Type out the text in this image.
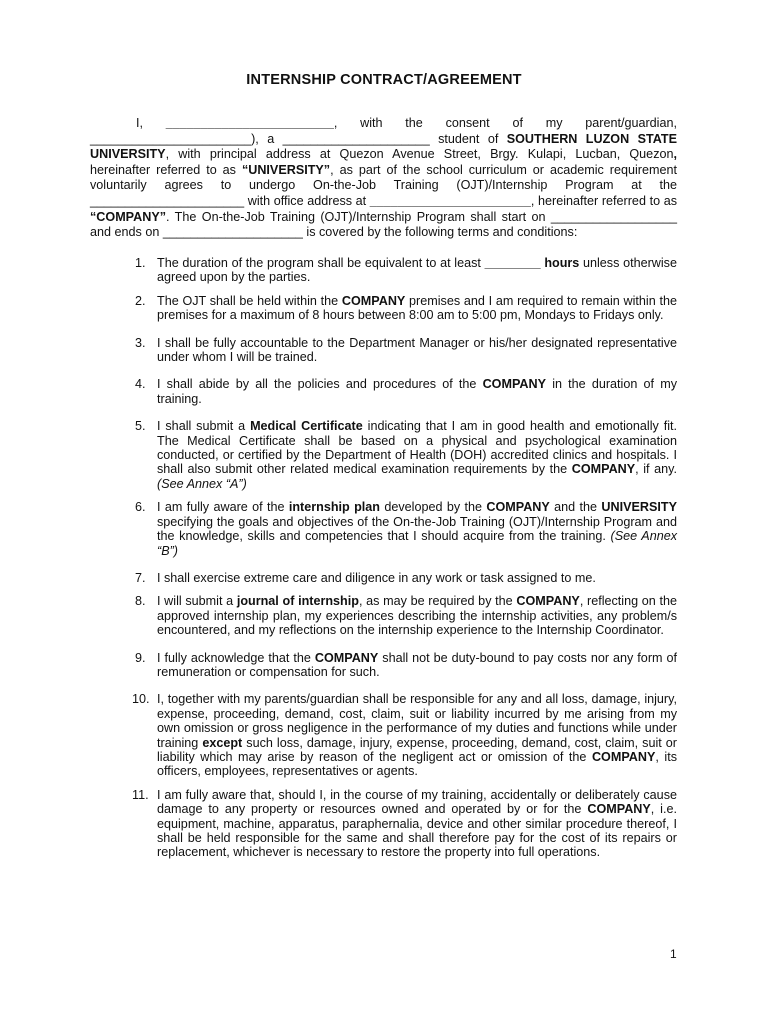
INTERNSHIP CONTRACT/AGREEMENT
I, ________________________, with the consent of my parent/guardian, _______________________), a _____________________ student of SOUTHERN LUZON STATE UNIVERSITY, with principal address at Quezon Avenue Street, Brgy. Kulapi, Lucban, Quezon, hereinafter referred to as “UNIVERSITY”, as part of the school curriculum or academic requirement voluntarily agrees to undergo On-the-Job Training (OJT)/Internship Program at the ______________________ with office address at _______________________, hereinafter referred to as “COMPANY”. The On-the-Job Training (OJT)/Internship Program shall start on __________________ and ends on ____________________ is covered by the following terms and conditions:
1. The duration of the program shall be equivalent to at least ________ hours unless otherwise agreed upon by the parties.
2. The OJT shall be held within the COMPANY premises and I am required to remain within the premises for a maximum of 8 hours between 8:00 am to 5:00 pm, Mondays to Fridays only.
3. I shall be fully accountable to the Department Manager or his/her designated representative under whom I will be trained.
4. I shall abide by all the policies and procedures of the COMPANY in the duration of my training.
5. I shall submit a Medical Certificate indicating that I am in good health and emotionally fit. The Medical Certificate shall be based on a physical and psychological examination conducted, or certified by the Department of Health (DOH) accredited clinics and hospitals. I shall also submit other related medical examination requirements by the COMPANY, if any. (See Annex “A”)
6. I am fully aware of the internship plan developed by the COMPANY and the UNIVERSITY specifying the goals and objectives of the On-the-Job Training (OJT)/Internship Program and the knowledge, skills and competencies that I should acquire from the training. (See Annex “B”)
7. I shall exercise extreme care and diligence in any work or task assigned to me.
8. I will submit a journal of internship, as may be required by the COMPANY, reflecting on the approved internship plan, my experiences describing the internship activities, any problem/s encountered, and my reflections on the internship experience to the Internship Coordinator.
9. I fully acknowledge that the COMPANY shall not be duty-bound to pay costs nor any form of remuneration or compensation for such.
10. I, together with my parents/guardian shall be responsible for any and all loss, damage, injury, expense, proceeding, demand, cost, claim, suit or liability incurred by me arising from my own omission or gross negligence in the performance of my duties and functions while under training except such loss, damage, injury, expense, proceeding, demand, cost, claim, suit or liability which may arise by reason of the negligent act or omission of the COMPANY, its officers, employees, representatives or agents.
11. I am fully aware that, should I, in the course of my training, accidentally or deliberately cause damage to any property or resources owned and operated by or for the COMPANY, i.e. equipment, machine, apparatus, paraphernalia, device and other similar procedure thereof, I shall be held responsible for the same and shall therefore pay for the cost of its repairs or replacement, whichever is necessary to restore the property into full operations.
1
